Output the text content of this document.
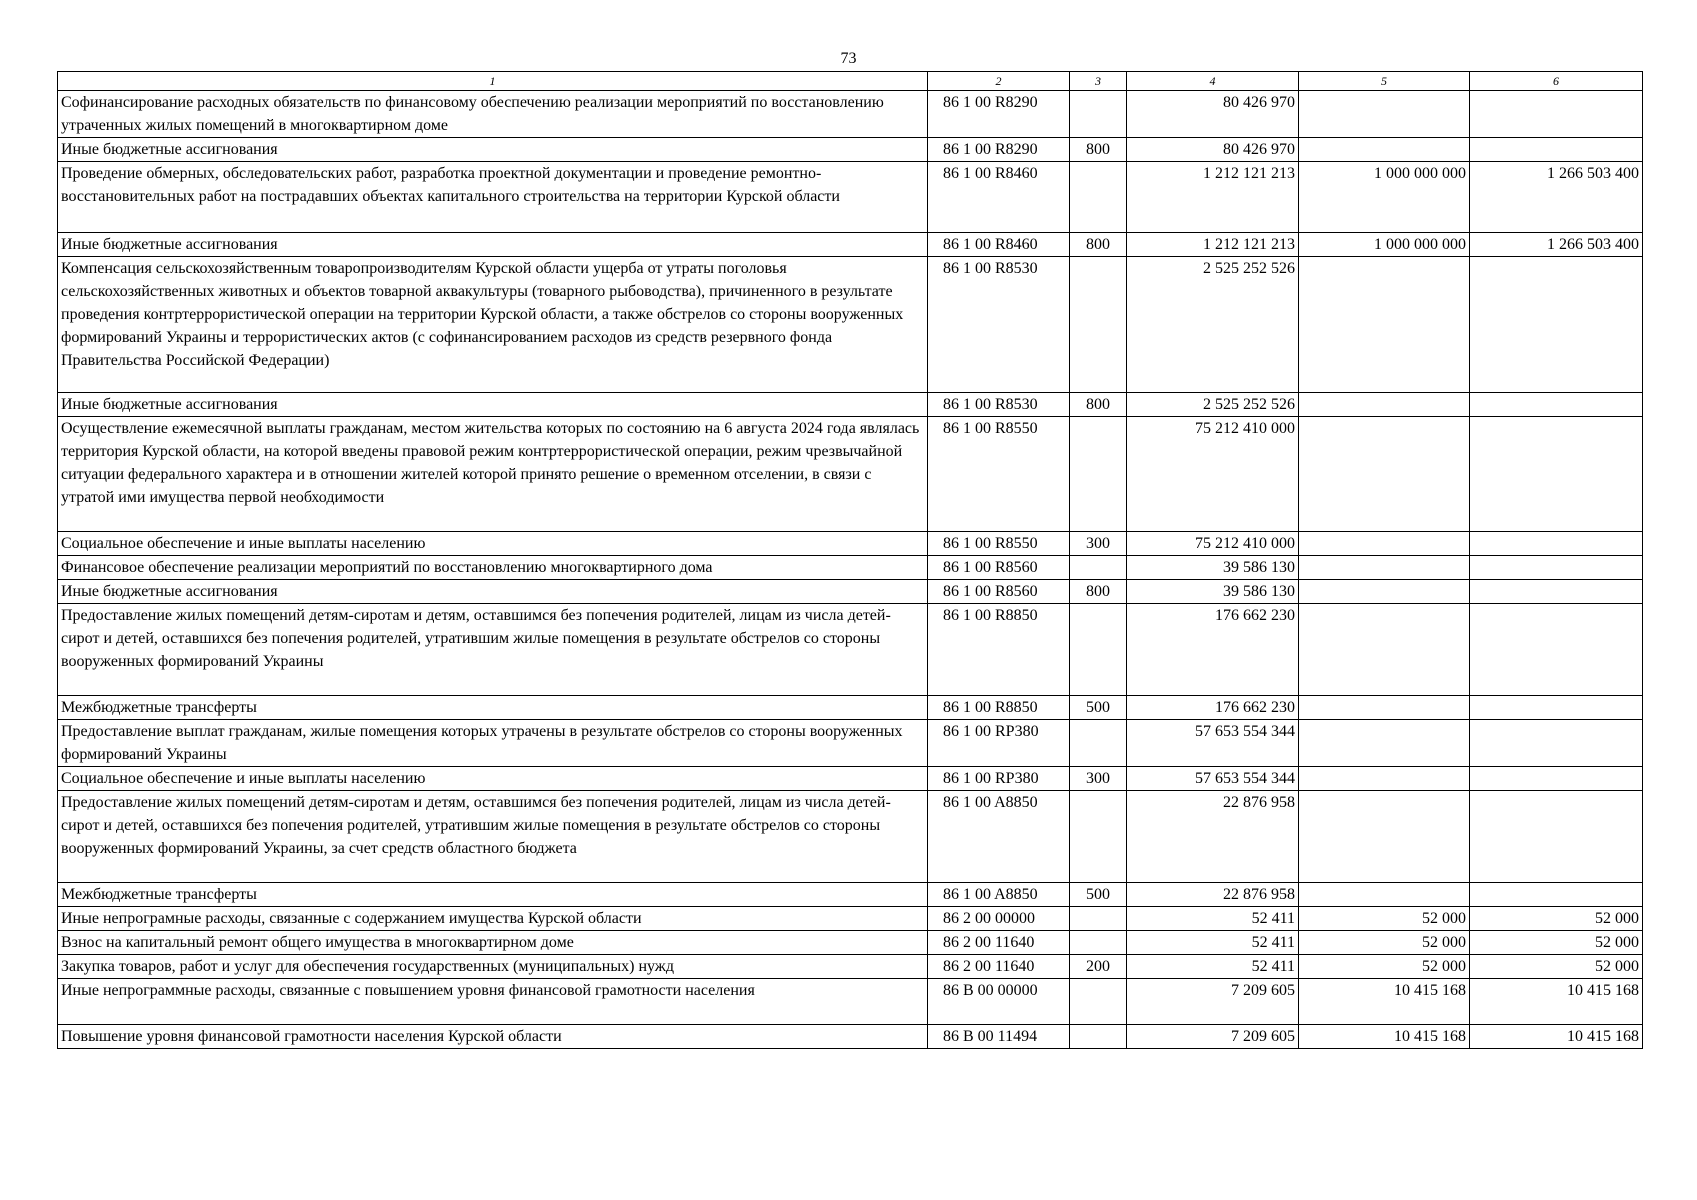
73
1	2	3	4	5	6
Софинансирование расходных обязательств по финансовому обеспечению реализации мероприятий по восстановлению утраченных жилых помещений в многоквартирном доме	86 1 00 R8290		80 426 970		
Иные бюджетные ассигнования	86 1 00 R8290	800	80 426 970		
Проведение обмерных, обследовательских работ, разработка проектной документации и проведение ремонтно-восстановительных работ на пострадавших объектах капитального строительства на территории Курской области	86 1 00 R8460		1 212 121 213	1 000 000 000	1 266 503 400
Иные бюджетные ассигнования	86 1 00 R8460	800	1 212 121 213	1 000 000 000	1 266 503 400
Компенсация сельскохозяйственным товаропроизводителям Курской области ущерба от утраты поголовья сельскохозяйственных животных и объектов товарной аквакультуры (товарного рыбоводства), причиненного в результате проведения контртеррористической операции на территории Курской области, а также обстрелов со стороны вооруженных формирований Украины и террористических актов (с софинансированием расходов из средств резервного фонда Правительства Российской Федерации)	86 1 00 R8530		2 525 252 526		
Иные бюджетные ассигнования	86 1 00 R8530	800	2 525 252 526		
Осуществление ежемесячной выплаты гражданам, местом жительства которых по состоянию на 6 августа 2024 года являлась территория Курской области, на которой введены правовой режим контртеррористической операции, режим чрезвычайной ситуации федерального характера и в отношении жителей которой принято решение о временном отселении, в связи с утратой ими имущества первой необходимости	86 1 00 R8550		75 212 410 000		
Социальное обеспечение и иные выплаты населению	86 1 00 R8550	300	75 212 410 000		
Финансовое обеспечение реализации мероприятий по восстановлению многоквартирного дома	86 1 00 R8560		39 586 130		
Иные бюджетные ассигнования	86 1 00 R8560	800	39 586 130		
Предоставление жилых помещений детям-сиротам и детям, оставшимся без попечения родителей, лицам из числа детей-сирот и детей, оставшихся без попечения родителей, утратившим жилые помещения в результате обстрелов со стороны вооруженных формирований Украины	86 1 00 R8850		176 662 230		
Межбюджетные трансферты	86 1 00 R8850	500	176 662 230		
Предоставление выплат гражданам, жилые помещения которых утрачены в результате обстрелов со стороны вооруженных формирований Украины	86 1 00 RP380		57 653 554 344		
Социальное обеспечение и иные выплаты населению	86 1 00 RP380	300	57 653 554 344		
Предоставление жилых помещений детям-сиротам и детям, оставшимся без попечения родителей, лицам из числа детей-сирот и детей, оставшихся без попечения родителей, утратившим жилые помещения в результате обстрелов со стороны вооруженных формирований Украины, за счет средств областного бюджета	86 1 00 A8850		22 876 958		
Межбюджетные трансферты	86 1 00 A8850	500	22 876 958		
Иные непрограмные расходы, связанные с содержанием имущества Курской области	86 2 00 00000		52 411	52 000	52 000
Взнос на капитальный ремонт общего имущества в многоквартирном доме	86 2 00 11640		52 411	52 000	52 000
Закупка товаров, работ и услуг для обеспечения государственных (муниципальных) нужд	86 2 00 11640	200	52 411	52 000	52 000
Иные непрограммные расходы, связанные с повышением уровня финансовой грамотности населения	86 В 00 00000		7 209 605	10 415 168	10 415 168
Повышение уровня финансовой грамотности населения Курской области	86 В 00 11494		7 209 605	10 415 168	10 415 168
